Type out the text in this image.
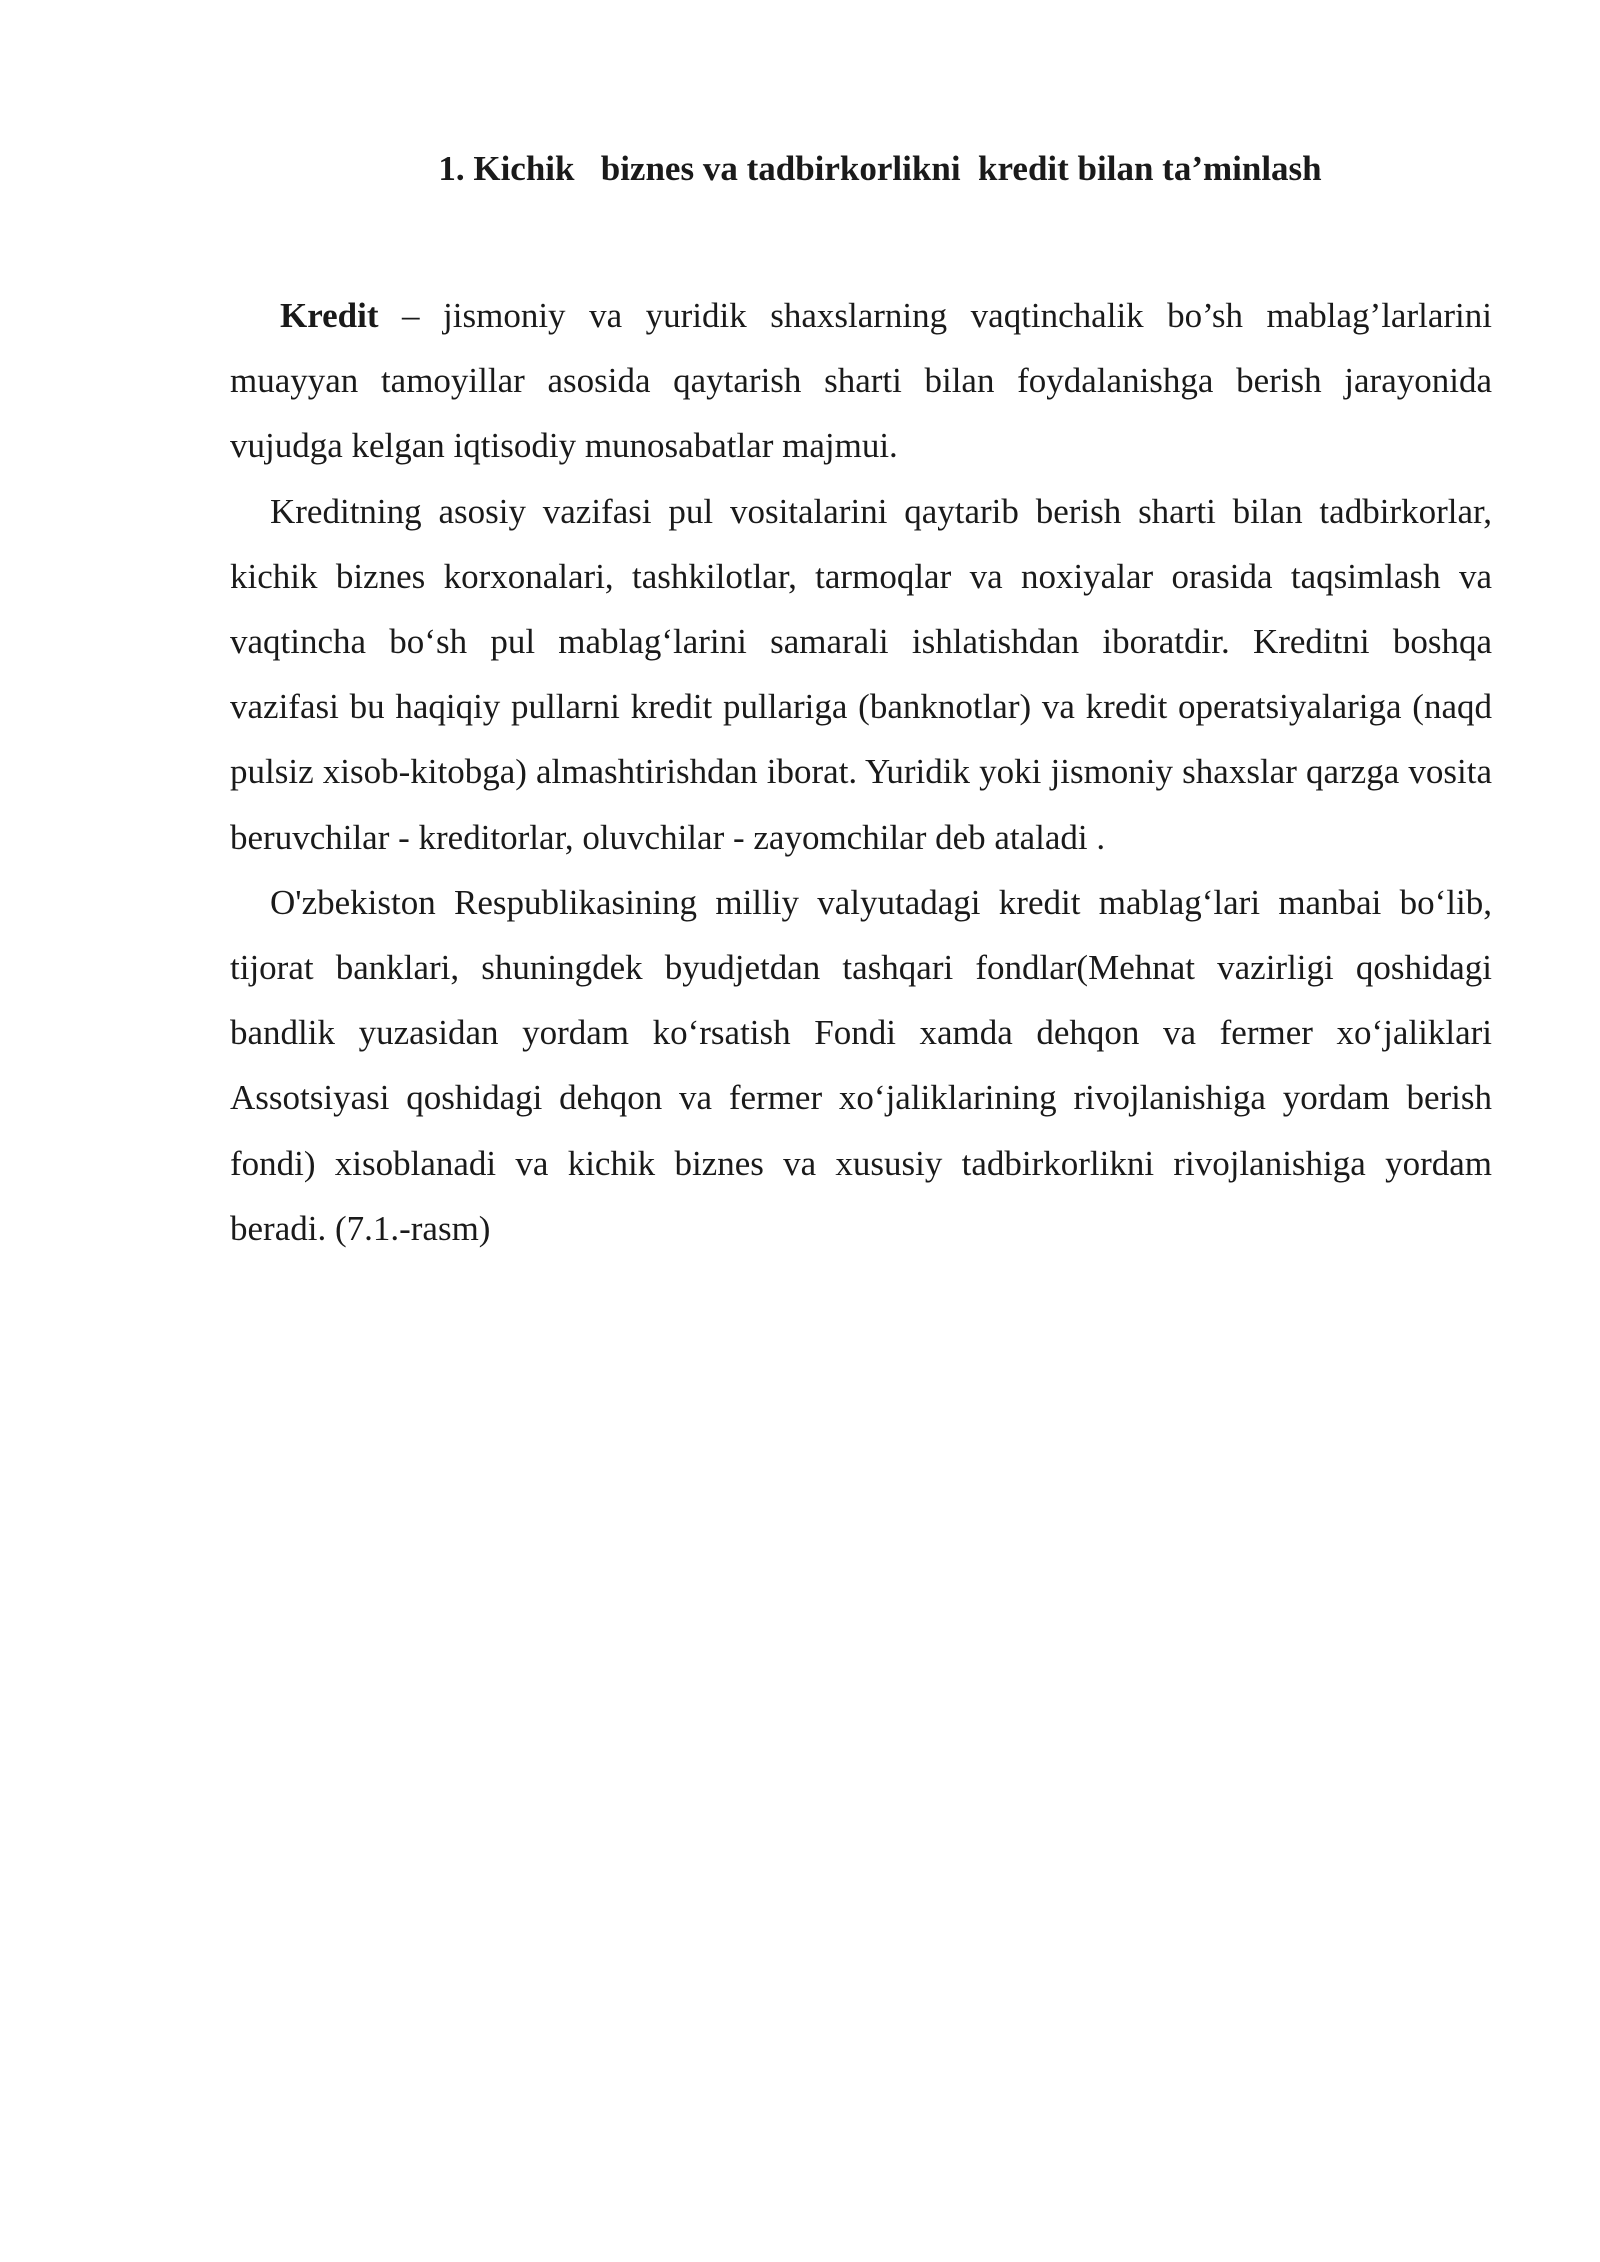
1. Kichik   biznes va tadbirkorlikni  kredit bilan ta’minlash

Kredit – jismoniy va yuridik shaxslarning vaqtinchalik bo’sh mablag’larlarini muayyan tamoyillar asosida qaytarish sharti bilan foydalanishga berish jarayonida vujudga kelgan iqtisodiy munosabatlar majmui.

Kreditning asosiy vazifasi pul vositalarini qaytarib berish sharti bilan tadbirkorlar, kichik biznes korxonalari, tashkilotlar, tarmoqlar va noxiyalar orasida taqsimlash va vaqtincha bo‘sh pul mablag‘larini samarali ishlatishdan iboratdir. Kreditni boshqa vazifasi bu haqiqiy pullarni kredit pullariga (banknotlar) va kredit operatsiyalariga (naqd pulsiz xisob-kitobga) almashtirishdan iborat. Yuridik yoki jismoniy shaxslar qarzga vosita beruvchilar - kreditorlar, oluvchilar - zayomchilar deb ataladi .

O'zbekiston Respublikasining milliy valyutadagi kredit mablag‘lari manbai bo‘lib, tijorat banklari, shuningdek byudjetdan tashqari fondlar(Mehnat vazirligi qoshidagi bandlik yuzasidan yordam ko‘rsatish Fondi xamda dehqon va fermer xo‘jaliklari Assotsiyasi qoshidagi dehqon va fermer xo‘jaliklarining rivojlanishiga yordam berish fondi) xisoblanadi va kichik biznes va xususiy tadbirkorlikni rivojlanishiga yordam beradi. (7.1.-rasm)
